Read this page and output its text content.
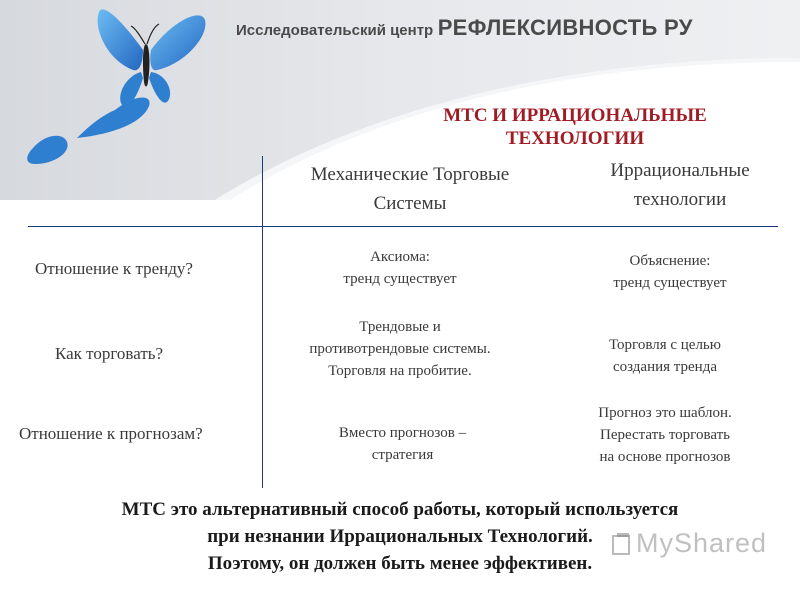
Исследовательский центр РЕФЛЕКСИВНОСТЬ РУ
МТС И ИРРАЦИОНАЛЬНЫЕ
ТЕХНОЛОГИИ
Механические Торговые
Системы
Иррациональные
технологии
Отношение к тренду?
Аксиома:
тренд существует
Объяснение:
тренд существует
Как торговать?
Трендовые и
противотрендовые системы.
Торговля на пробитие.
Торговля с целью
создания тренда
Отношение к прогнозам?	Вместо прогнозов –
стратегия
Прогноз это шаблон.
Перестать торговать
на основе прогнозов
МТС это альтернативный способ работы, который используется
при незнании Иррациональных Технологий.
Поэтому, он должен быть менее эффективен.
MyShared
